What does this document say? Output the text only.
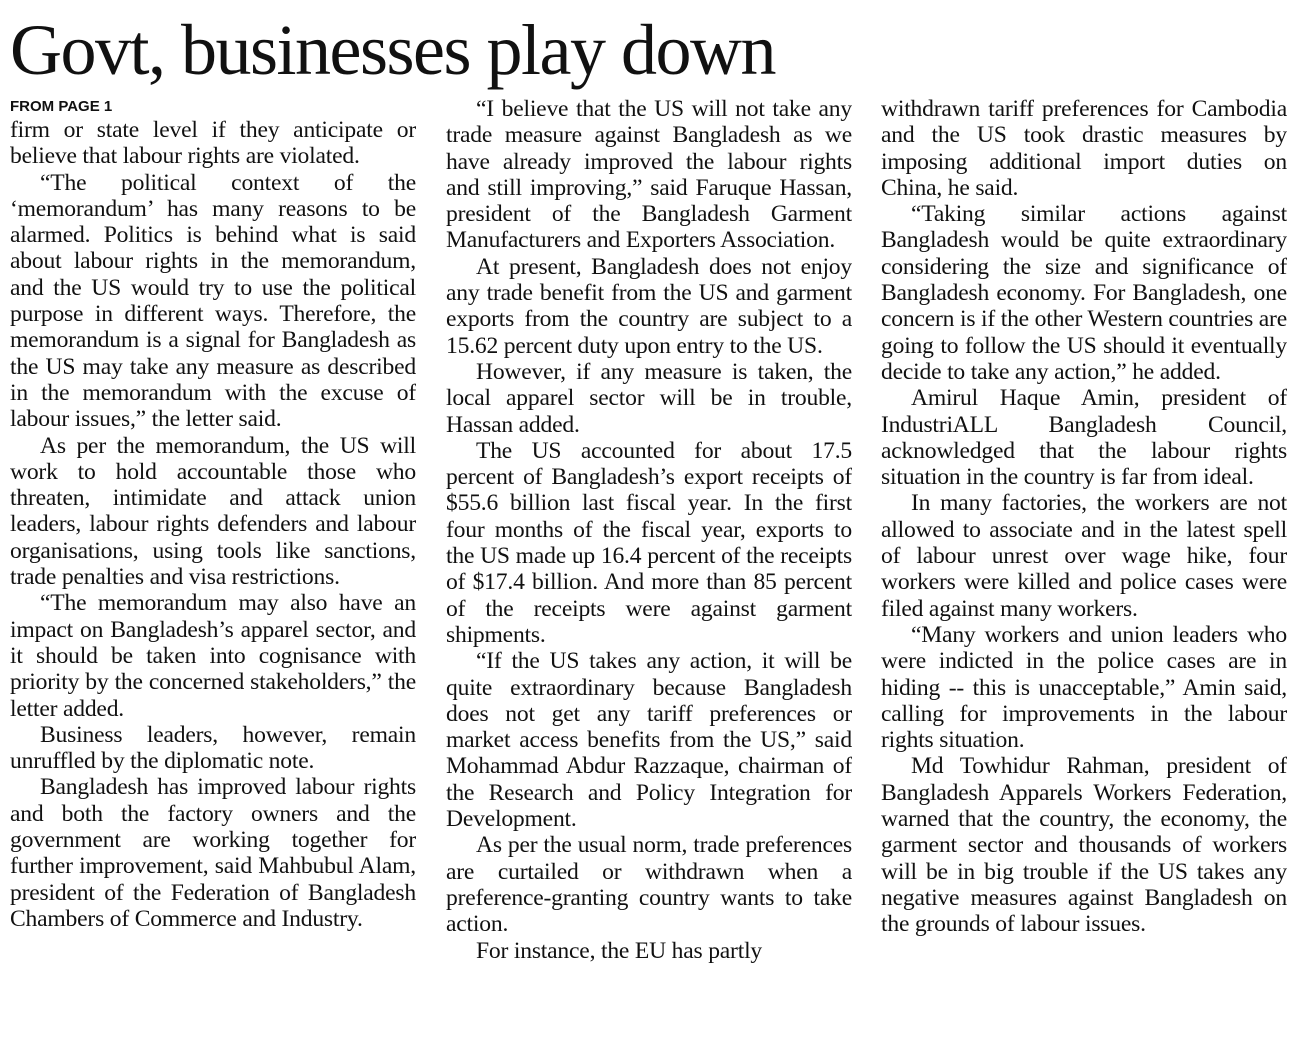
Govt, businesses play down
FROM PAGE 1

firm or state level if they anticipate or believe that labour rights are violated.

“The political context of the ‘memorandum’ has many reasons to be alarmed. Politics is behind what is said about labour rights in the memorandum, and the US would try to use the political purpose in different ways. Therefore, the memorandum is a signal for Bangladesh as the US may take any measure as described in the memorandum with the excuse of labour issues,” the letter said.

As per the memorandum, the US will work to hold accountable those who threaten, intimidate and attack union leaders, labour rights defenders and labour organisations, using tools like sanctions, trade penalties and visa restrictions.

“The memorandum may also have an impact on Bangladesh’s apparel sector, and it should be taken into cognisance with priority by the concerned stakeholders,” the letter added.

Business leaders, however, remain unruffled by the diplomatic note.

Bangladesh has improved labour rights and both the factory owners and the government are working together for further improvement, said Mahbubul Alam, president of the Federation of Bangladesh Chambers of Commerce and Industry.

“I believe that the US will not take any trade measure against Bangladesh as we have already improved the labour rights and still improving,” said Faruque Hassan, president of the Bangladesh Garment Manufacturers and Exporters Association.

At present, Bangladesh does not enjoy any trade benefit from the US and garment exports from the country are subject to a 15.62 percent duty upon entry to the US.

However, if any measure is taken, the local apparel sector will be in trouble, Hassan added.

The US accounted for about 17.5 percent of Bangladesh’s export receipts of $55.6 billion last fiscal year. In the first four months of the fiscal year, exports to the US made up 16.4 percent of the receipts of $17.4 billion. And more than 85 percent of the receipts were against garment shipments.

“If the US takes any action, it will be quite extraordinary because Bangladesh does not get any tariff preferences or market access benefits from the US,” said Mohammad Abdur Razzaque, chairman of the Research and Policy Integration for Development.

As per the usual norm, trade preferences are curtailed or withdrawn when a preference-granting country wants to take action.

For instance, the EU has partly

withdrawn tariff preferences for Cambodia and the US took drastic measures by imposing additional import duties on China, he said.

“Taking similar actions against Bangladesh would be quite extraordinary considering the size and significance of Bangladesh economy. For Bangladesh, one concern is if the other Western countries are going to follow the US should it eventually decide to take any action,” he added.

Amirul Haque Amin, president of IndustriALL Bangladesh Council, acknowledged that the labour rights situation in the country is far from ideal.

In many factories, the workers are not allowed to associate and in the latest spell of labour unrest over wage hike, four workers were killed and police cases were filed against many workers.

“Many workers and union leaders who were indicted in the police cases are in hiding -- this is unacceptable,” Amin said, calling for improvements in the labour rights situation.

Md Towhidur Rahman, president of Bangladesh Apparels Workers Federation, warned that the country, the economy, the garment sector and thousands of workers will be in big trouble if the US takes any negative measures against Bangladesh on the grounds of labour issues.
